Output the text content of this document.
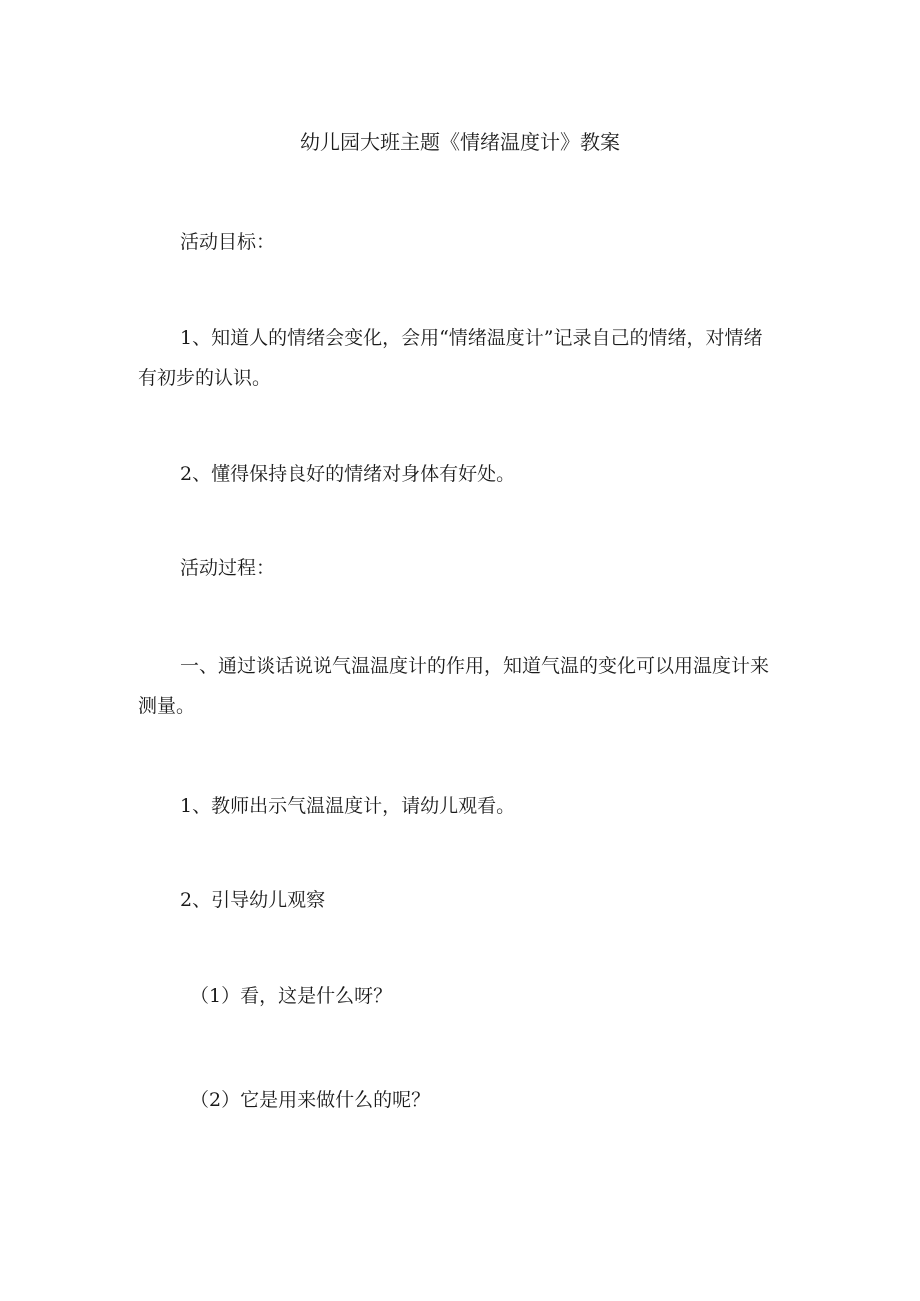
幼儿园大班主题《情绪温度计》教案

活动目标：

1、知道人的情绪会变化，会用“情绪温度计”记录自己的情绪，对情绪有初步的认识。

2、懂得保持良好的情绪对身体有好处。

活动过程：

一、通过谈话说说气温温度计的作用，知道气温的变化可以用温度计来测量。

1、教师出示气温温度计，请幼儿观看。

2、引导幼儿观察

（1）看，这是什么呀？

（2）它是用来做什么的呢？
